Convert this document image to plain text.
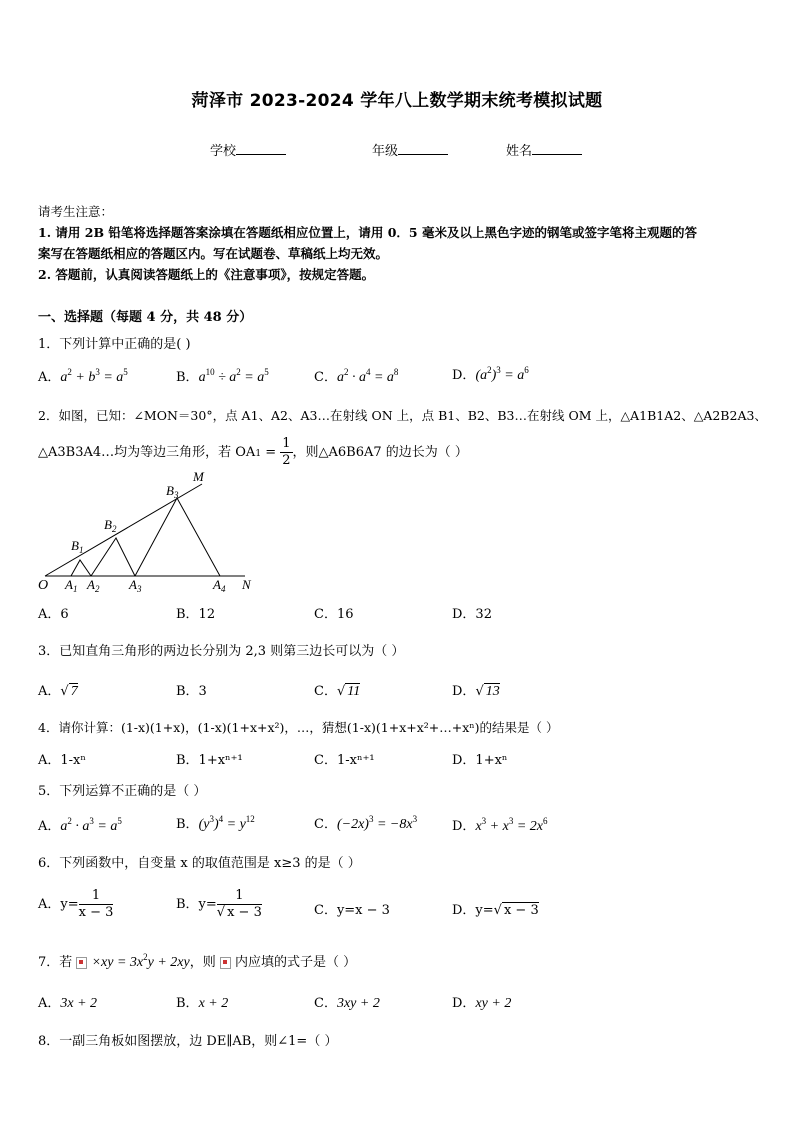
菏泽市 2023-2024 学年八上数学期末统考模拟试题
学校	年级	姓名
请考生注意：
1. 请用 2B 铅笔将选择题答案涂填在答题纸相应位置上，请用 0．5 毫米及以上黑色字迹的钢笔或签字笔将主观题的答
案写在答题纸相应的答题区内。写在试题卷、草稿纸上均无效。
2. 答题前，认真阅读答题纸上的《注意事项》，按规定答题。
一、选择题（每题 4 分，共 48 分）
1．下列计算中正确的是( )
A．$a^2 + b^3 = a^5$	B．$a^{10} \div a^2 = a^5$	C．$a^2 \cdot a^4 = a^8$	D．$(a^2)^3 = a^6$
2．如图，已知：∠MON＝30°，点 A1、A2、A3…在射线 ON 上，点 B1、B2、B3…在射线 OM 上，△A1B1A2、△A2B2A3、
△A3B3A4…均为等边三角形，若 $OA1 = \frac{1}{2}$ ，则△A6B6A7 的边长为（ ）
O $A_1$ $A_2$ $A_3$	$A_4$ N
$B_1$
$B_2$
$B_3$
M
A．6	B．12	C．16	D．32
3．已知直角三角形的两边长分别为 2,3 则第三边长可以为（ ）
A．√ 7	B．3	C．√ 11	D．√ 13
4．请你计算：(1-x)(1+x)，(1-x)(1+x+x²)，…，猜想(1-x)(1+x+x²+…+xⁿ)的结果是（ ）
A．1-xⁿ	B．1+xⁿ⁺¹	C．1-xⁿ⁺¹	D．1+xⁿ
5．下列运算不正确的是（ ）
A．$a^2 \cdot a^3 = a^5$	B．$(y^3)^4 = y^{12}$	C．$(-2x)^3 = -8x^3$	D．$x^3 + x^3 = 2x^6$
6．下列函数中，自变量 x 的取值范围是 x≥3 的是（ ）
A．$y= \frac{1}{x - 3}$	B．$y= \frac{1}{√ x - 3}$	C．y=x − 3	D．y=√ x − 3
7．若 $\times xy = 3x^2y + 2xy$，则 内应填的式子是（ ）
A．3x + 2	B．x + 2	C．3xy + 2	D．xy + 2
8．一副三角板如图摆放，边 DE∥AB，则∠1=（ ）
